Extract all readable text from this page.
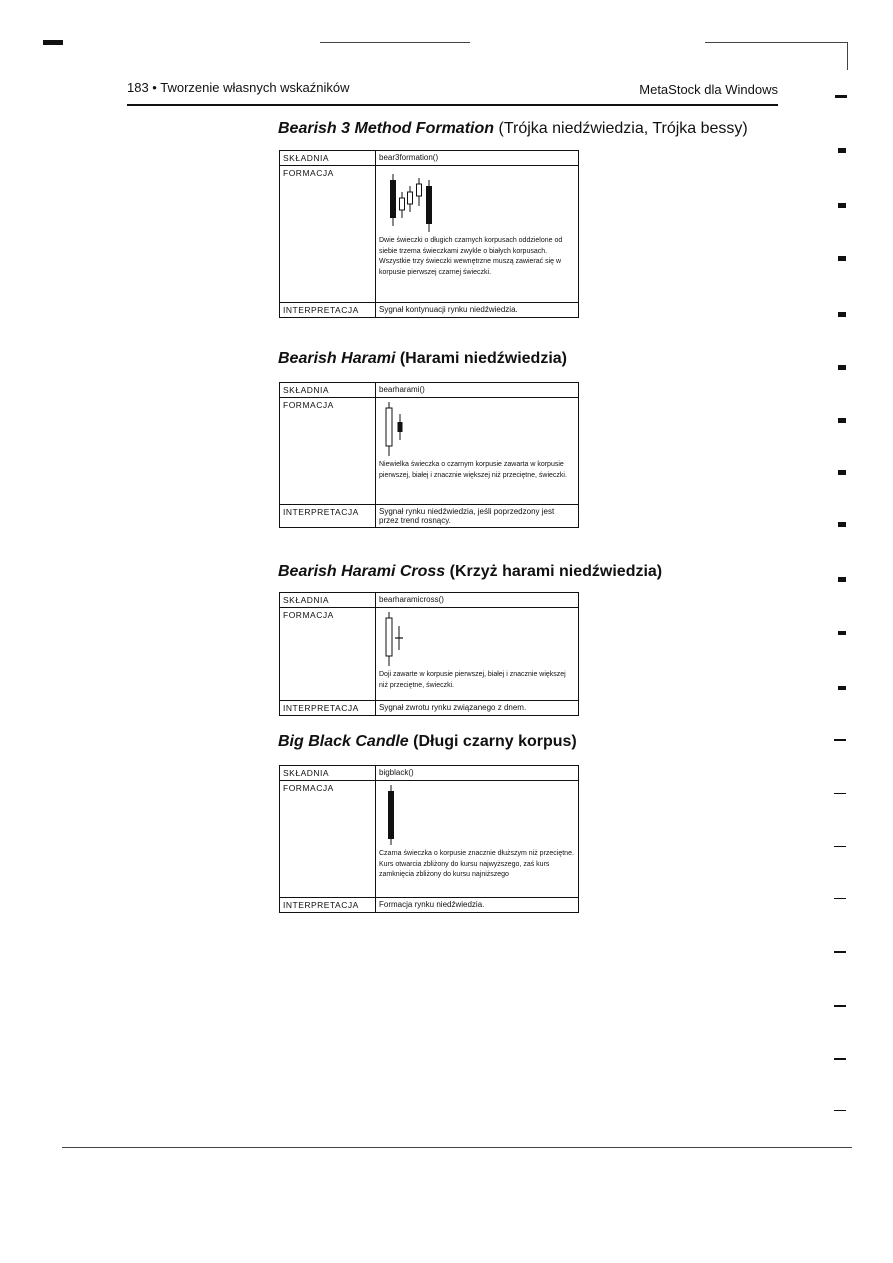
183 • Tworzenie własnych wskaźników	MetaStock dla Windows
Bearish 3 Method Formation (Trójka niedźwiedzia, Trójka bessy)
SKŁADNIA	bear3formation()
FORMACJA	Dwie świeczki o długich czarnych korpusach oddzielone od siebie trzema świeczkami zwykle o białych korpusach. Wszystkie trzy świeczki wewnętrzne muszą zawierać się w korpusie pierwszej czarnej świeczki.

INTERPRETACJA	Sygnał kontynuacji rynku niedźwiedzia.
Bearish Harami (Harami niedźwiedzia)
SKŁADNIA	bearharami()
FORMACJA	Niewielka świeczka o czarnym korpusie zawarta w korpusie pierwszej, białej i znacznie większej niż przeciętne, świeczki.

INTERPRETACJA	Sygnał rynku niedźwiedzia, jeśli poprzedzony jest przez trend rosnący.
Bearish Harami Cross (Krzyż harami niedźwiedzia)
SKŁADNIA	bearharamicross()
FORMACJA	Doji zawarte w korpusie pierwszej, białej i znacznie większej niż przeciętne, świeczki.

INTERPRETACJA	Sygnał zwrotu rynku związanego z dnem.
Big Black Candle (Długi czarny korpus)
SKŁADNIA	bigblack()
FORMACJA	Czarna świeczka o korpusie znacznie dłuższym niż przeciętne. Kurs otwarcia zbliżony do kursu najwyższego, zaś kurs zamknięcia zbliżony do kursu najniższego

INTERPRETACJA	Formacja rynku niedźwiedzia.
